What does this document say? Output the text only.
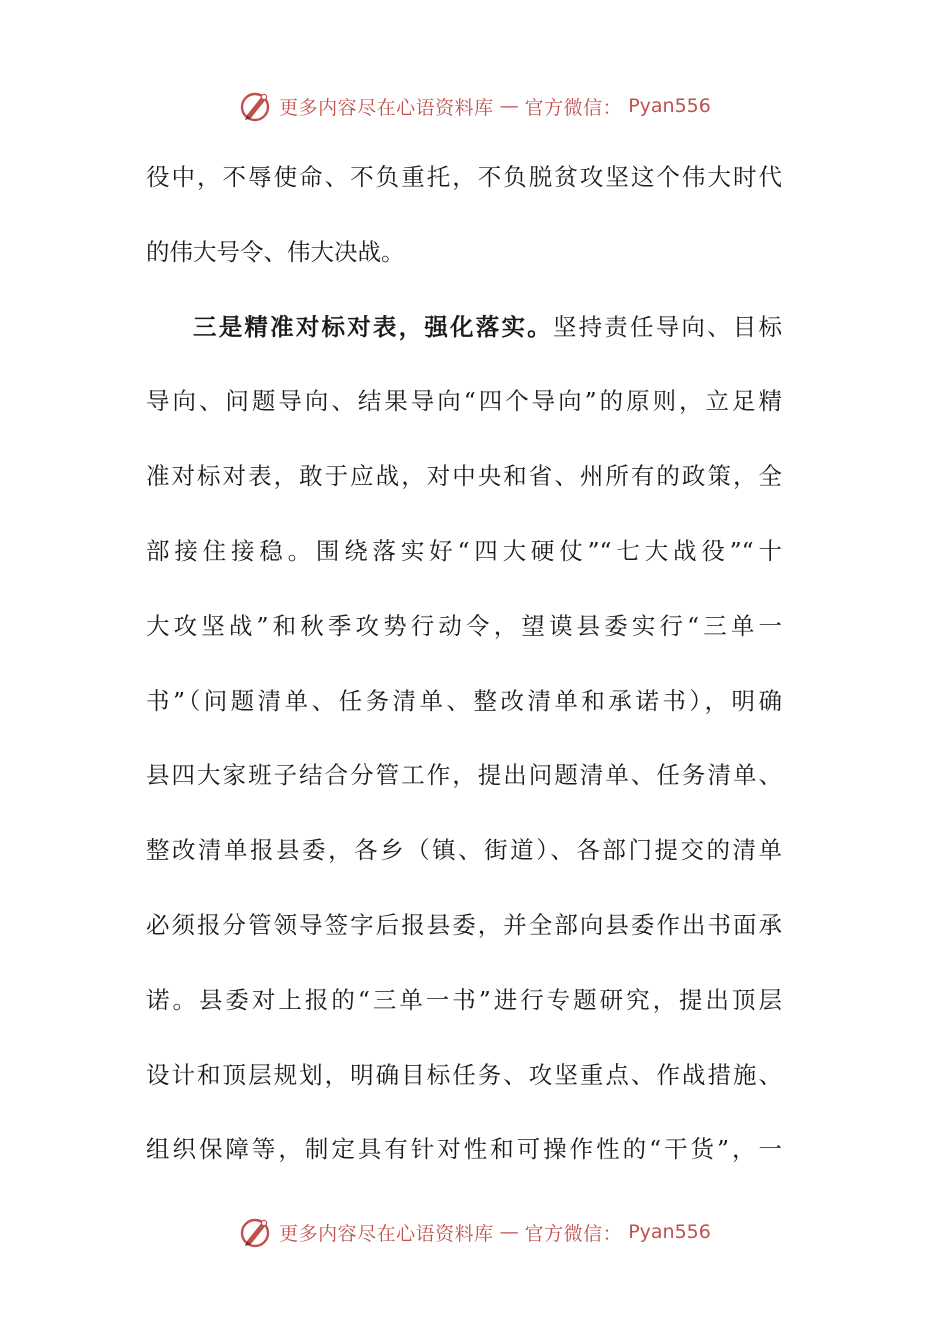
更多内容尽在心语资料库 — 官方微信： Pyan556
役中，不辱使命、不负重托，不负脱贫攻坚这个伟大时代
的伟大号令、伟大决战。
三是精准对标对表，强化落实。坚持责任导向、目标
导向、问题导向、结果导向“四个导向”的原则，立足精
准对标对表，敢于应战，对中央和省、州所有的政策，全
部接住接稳。围绕落实好“四大硬仗”“七大战役”“十
大攻坚战”和秋季攻势行动令，望谟县委实行“三单一
书”（问题清单、任务清单、整改清单和承诺书），明确
县四大家班子结合分管工作，提出问题清单、任务清单、
整改清单报县委，各乡（镇、街道）、各部门提交的清单
必须报分管领导签字后报县委，并全部向县委作出书面承
诺。县委对上报的“三单一书”进行专题研究，提出顶层
设计和顶层规划，明确目标任务、攻坚重点、作战措施、
组织保障等，制定具有针对性和可操作性的“干货”，一
更多内容尽在心语资料库 — 官方微信： Pyan556
